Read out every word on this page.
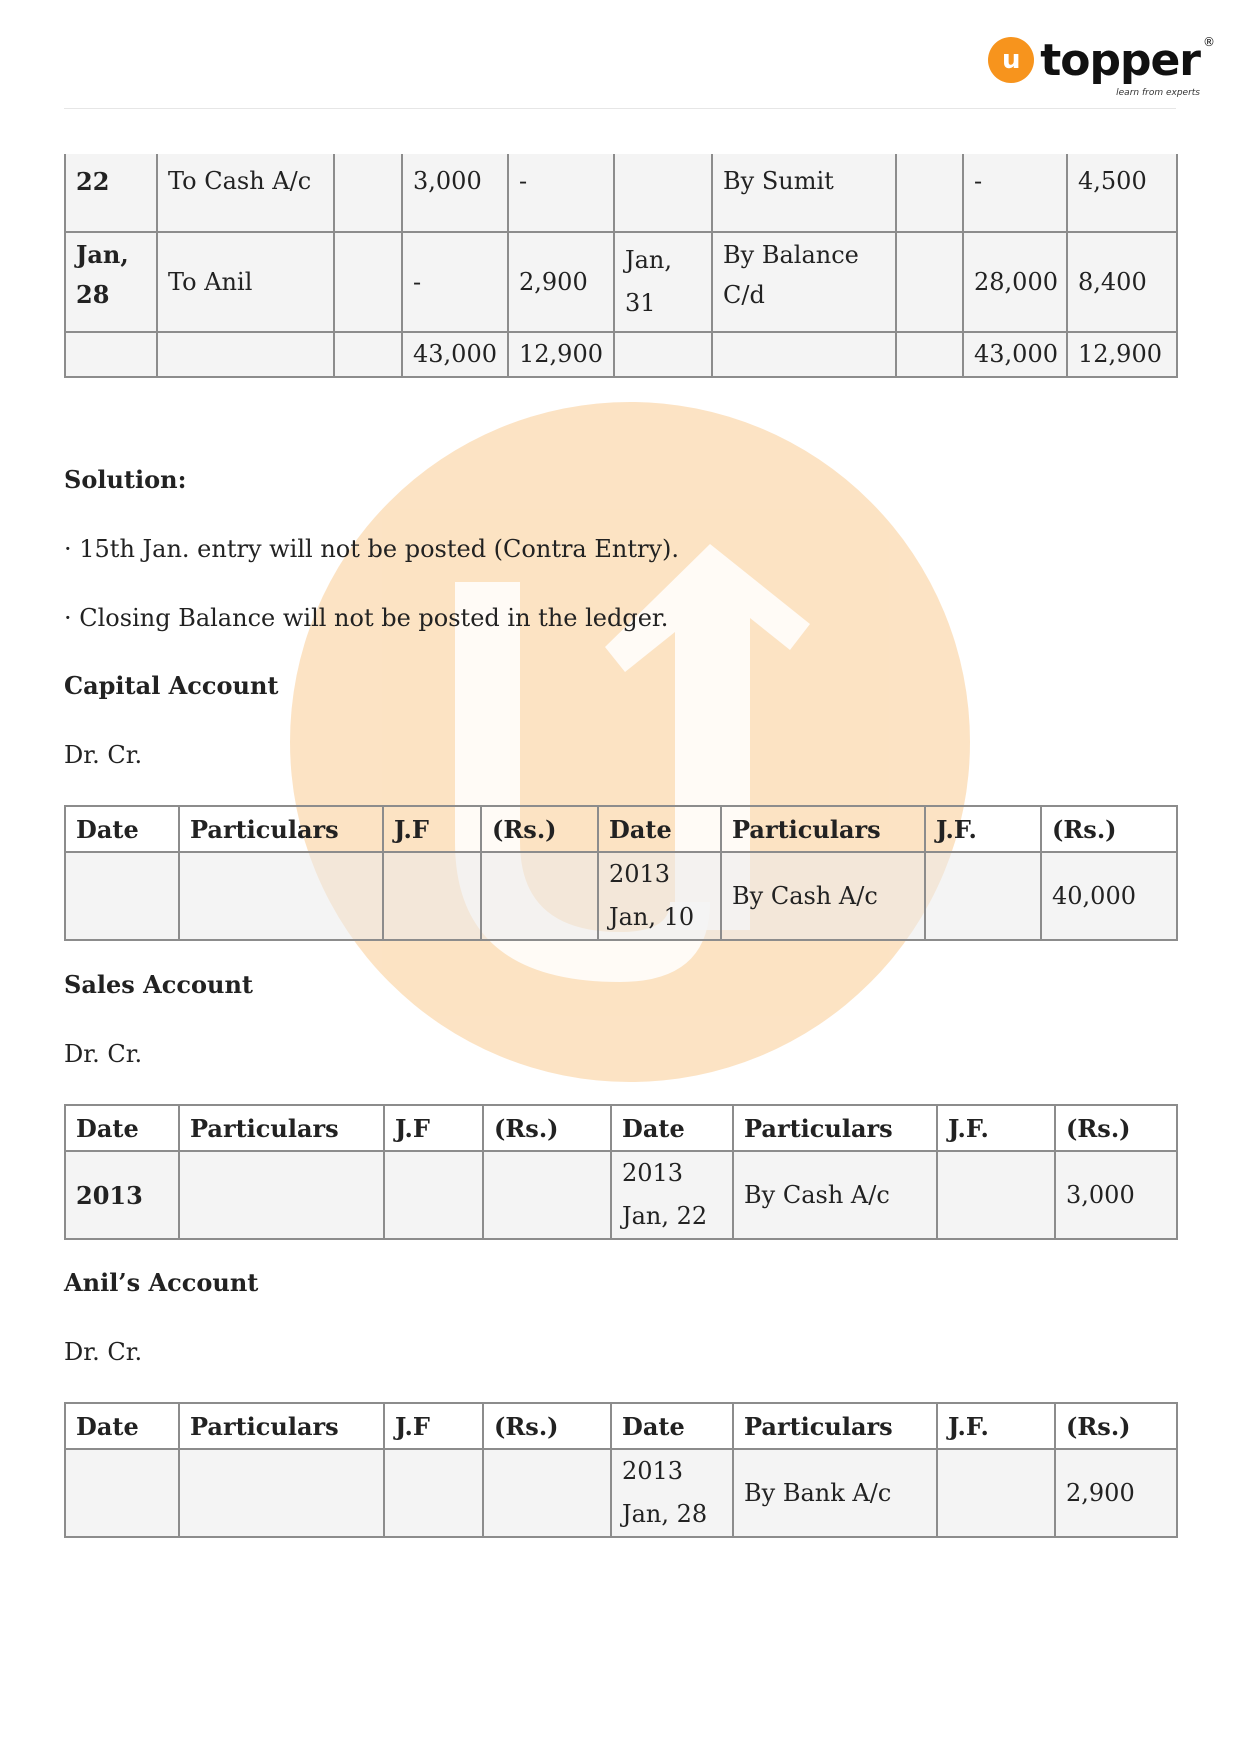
u topper ®
learn from experts
22	To Cash A/c		3,000	-		By Sumit		-	4,500
Jan, 28	To Anil		-	2,900	Jan, 31	By Balance C/d		28,000	8,400
			43,000	12,900				43,000	12,900
Solution:
· 15th Jan. entry will not be posted (Contra Entry).
· Closing Balance will not be posted in the ledger.
Capital Account
Dr. Cr.
Date	Particulars	J.F	(Rs.)	Date	Particulars	J.F.	(Rs.)
				2013 Jan, 10	By Cash A/c		40,000
Sales Account
Dr. Cr.
Date	Particulars	J.F	(Rs.)	Date	Particulars	J.F.	(Rs.)
2013				2013 Jan, 22	By Cash A/c		3,000
Anil’s Account
Dr. Cr.
Date	Particulars	J.F	(Rs.)	Date	Particulars	J.F.	(Rs.)
				2013 Jan, 28	By Bank A/c		2,900
